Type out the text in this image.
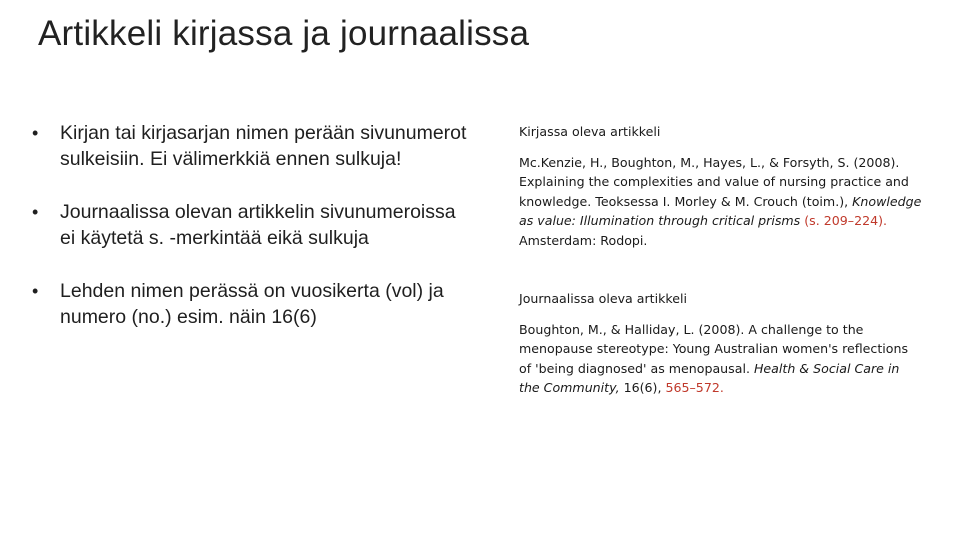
Artikkeli kirjassa ja journaalissa
• Kirjan tai kirjasarjan nimen perään sivunumerot sulkeisiin. Ei välimerkkiä ennen sulkuja!
• Journaalissa olevan artikkelin sivunumeroissa ei käytetä s. -merkintää eikä sulkuja
• Lehden nimen perässä on vuosikerta (vol) ja numero (no.) esim. näin 16(6)
Kirjassa oleva artikkeli

Mc.Kenzie, H., Boughton, M., Hayes, L., & Forsyth, S. (2008). Explaining the complexities and value of nursing practice and knowledge. Teoksessa I. Morley & M. Crouch (toim.), Knowledge as value: Illumination through critical prisms (s. 209–224).

Amsterdam: Rodopi.

Journaalissa oleva artikkeli

Boughton, M., & Halliday, L. (2008). A challenge to the menopause stereotype: Young Australian women's reflections of 'being diagnosed' as menopausal. Health & Social Care in the Community, 16(6), 565–572.
